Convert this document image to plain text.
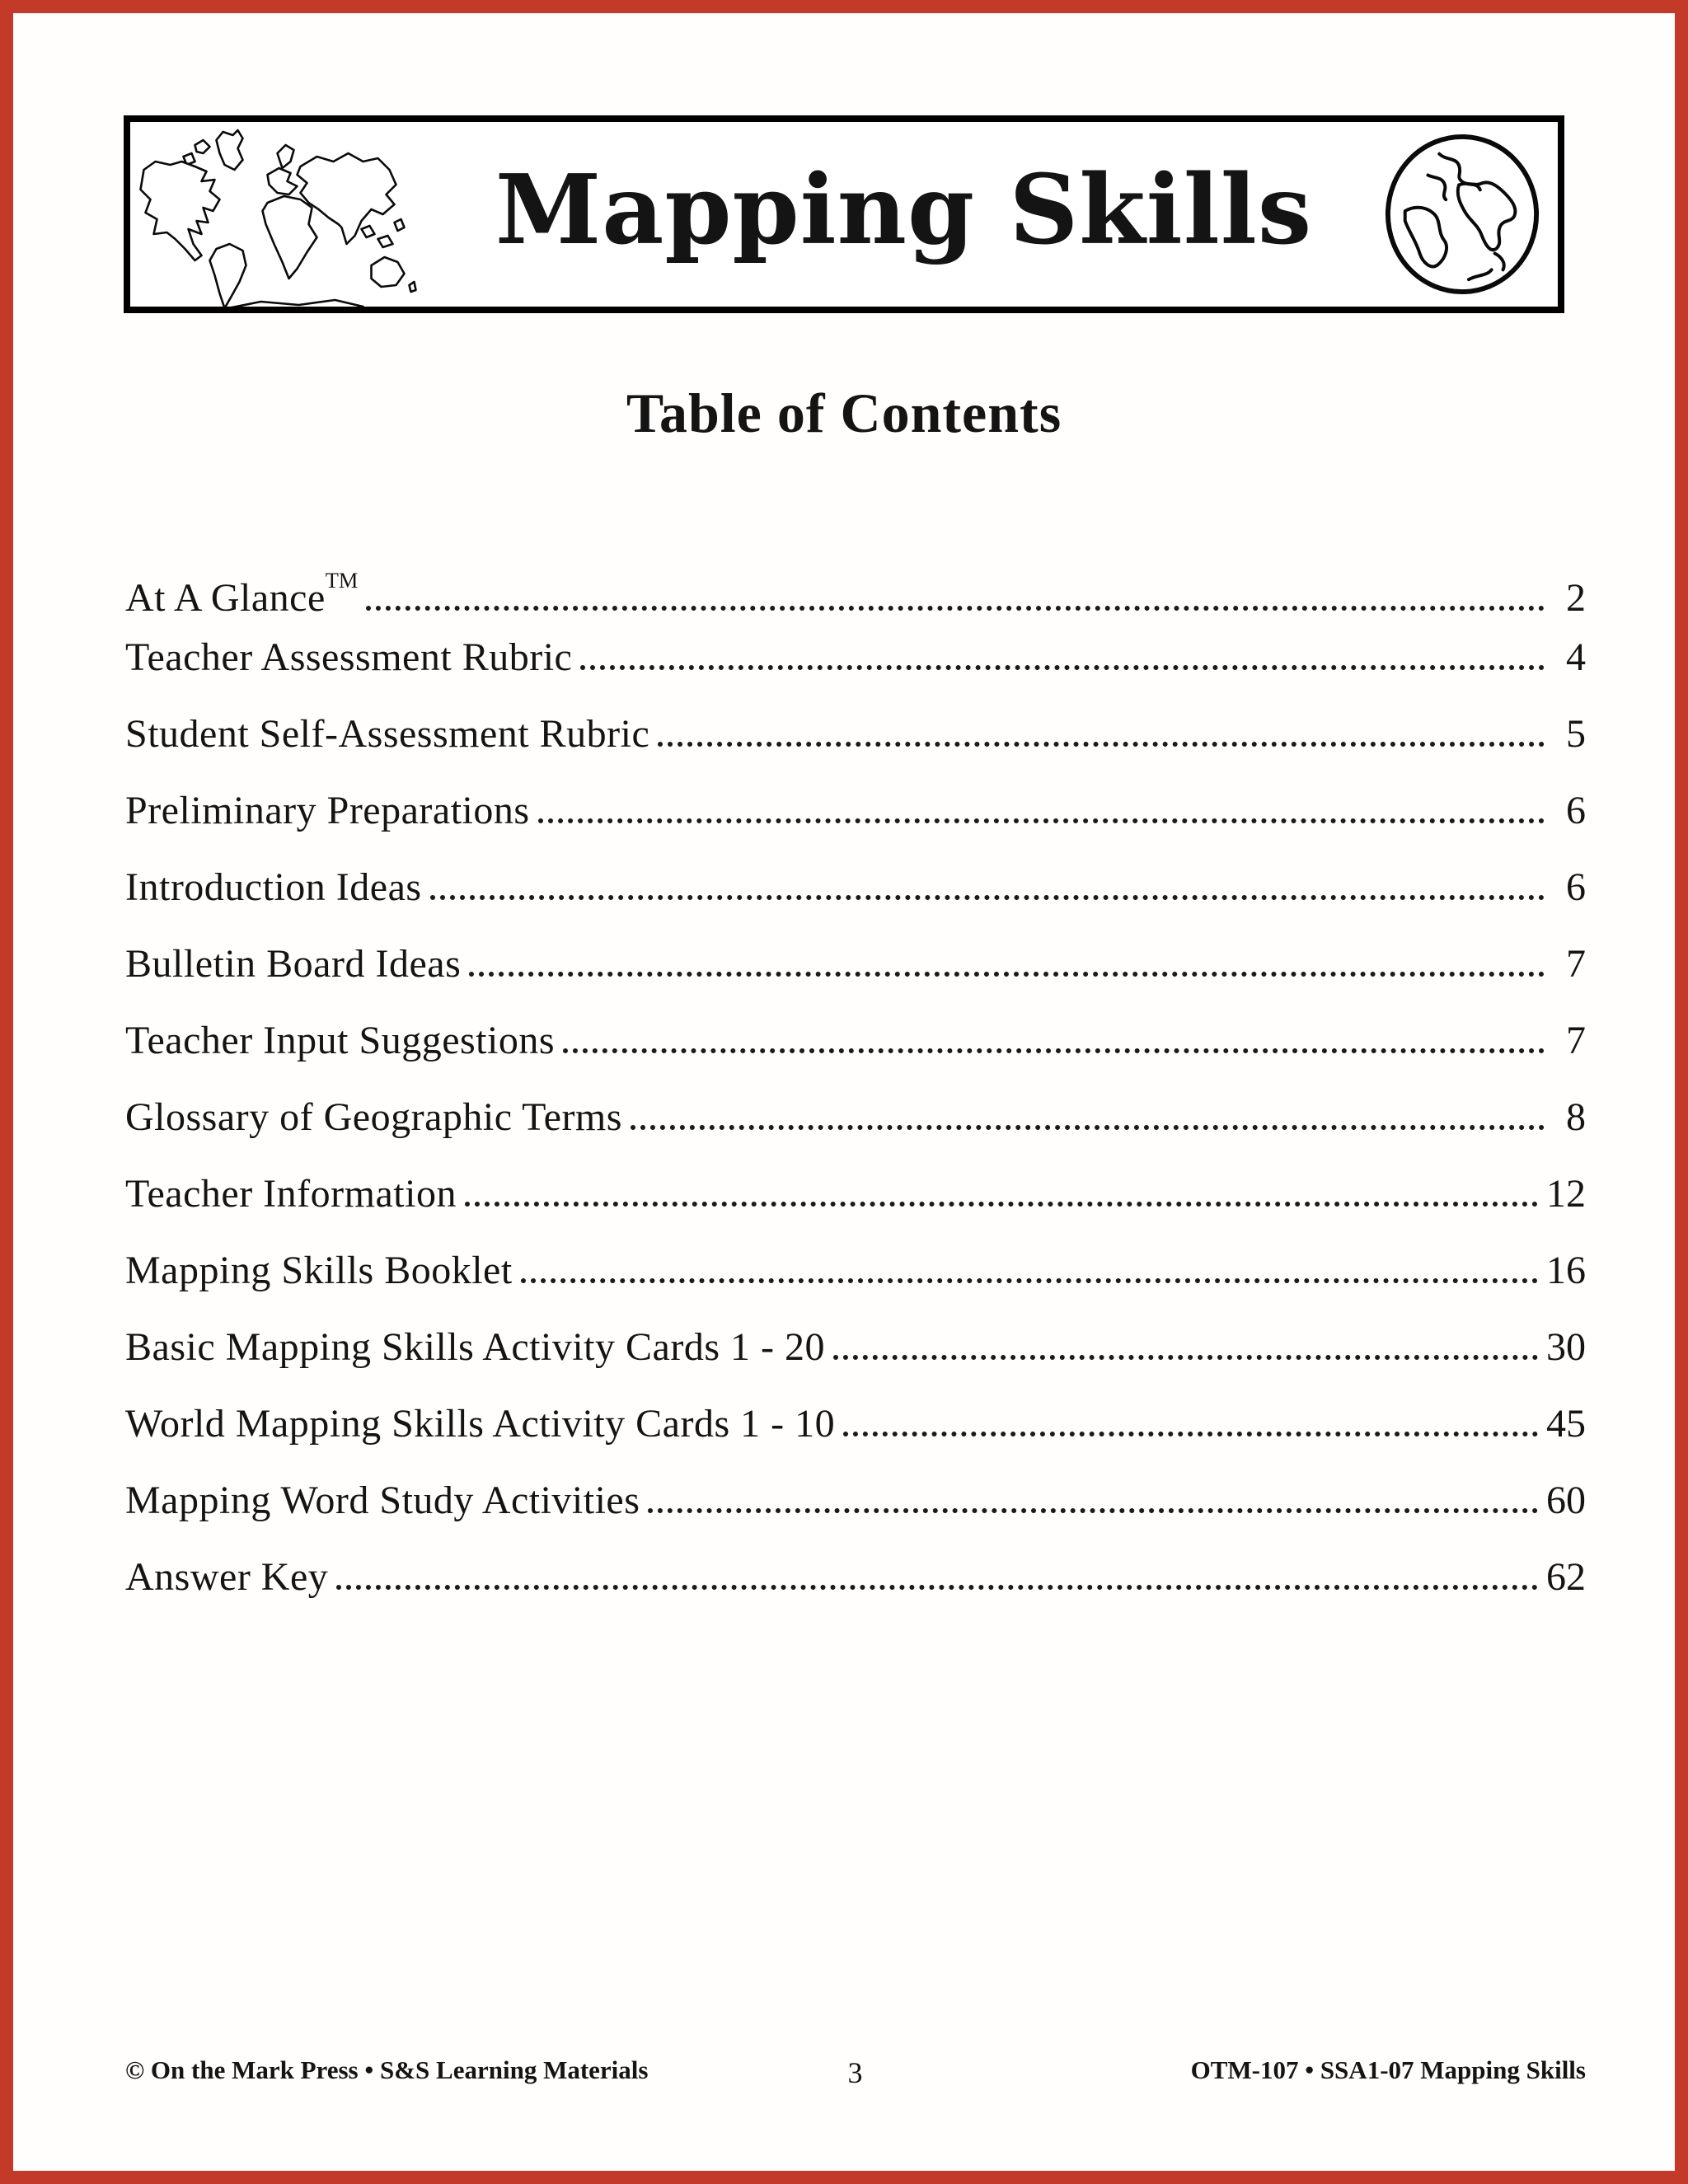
Mapping Skills
Table of Contents
At A Glance™	2
Teacher Assessment Rubric	4
Student Self-Assessment Rubric	5
Preliminary Preparations	6
Introduction Ideas	6
Bulletin Board Ideas	7
Teacher Input Suggestions	7
Glossary of Geographic Terms	8
Teacher Information	12
Mapping Skills Booklet	16
Basic Mapping Skills Activity Cards 1 - 20	30
World Mapping Skills Activity Cards 1 - 10	45
Mapping Word Study Activities	60
Answer Key	62
© On the Mark Press • S&S Learning Materials	3	OTM-107 • SSA1-07 Mapping Skills
